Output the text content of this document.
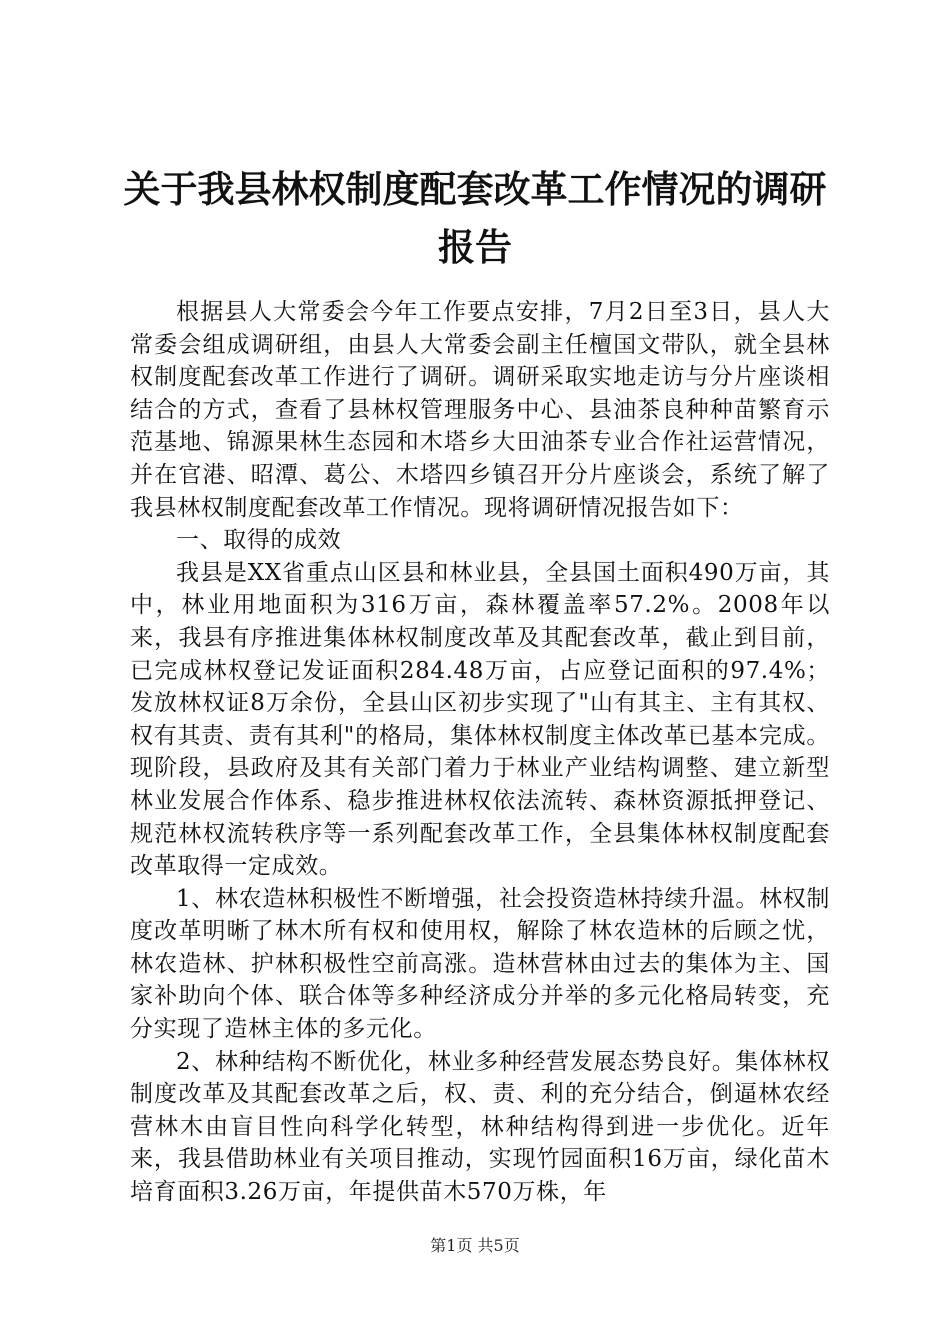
关于我县林权制度配套改革工作情况的调研报告

根据县人大常委会今年工作要点安排，7月2日至3日，县人大常委会组成调研组，由县人大常委会副主任檀国文带队，就全县林权制度配套改革工作进行了调研。调研采取实地走访与分片座谈相结合的方式，查看了县林权管理服务中心、县油茶良种种苗繁育示范基地、锦源果林生态园和木塔乡大田油茶专业合作社运营情况，并在官港、昭潭、葛公、木塔四乡镇召开分片座谈会，系统了解了我县林权制度配套改革工作情况。现将调研情况报告如下：

一、取得的成效

我县是XX省重点山区县和林业县，全县国土面积490万亩，其中，林业用地面积为316万亩，森林覆盖率57.2%。2008年以来，我县有序推进集体林权制度改革及其配套改革，截止到目前，已完成林权登记发证面积284.48万亩，占应登记面积的97.4%；发放林权证8万余份，全县山区初步实现了"山有其主、主有其权、权有其责、责有其利"的格局，集体林权制度主体改革已基本完成。现阶段，县政府及其有关部门着力于林业产业结构调整、建立新型林业发展合作体系、稳步推进林权依法流转、森林资源抵押登记、规范林权流转秩序等一系列配套改革工作，全县集体林权制度配套改革取得一定成效。

1、林农造林积极性不断增强，社会投资造林持续升温。林权制度改革明晰了林木所有权和使用权，解除了林农造林的后顾之忧，林农造林、护林积极性空前高涨。造林营林由过去的集体为主、国家补助向个体、联合体等多种经济成分并举的多元化格局转变，充分实现了造林主体的多元化。

2、林种结构不断优化，林业多种经营发展态势良好。集体林权制度改革及其配套改革之后，权、责、利的充分结合，倒逼林农经营林木由盲目性向科学化转型，林种结构得到进一步优化。近年来，我县借助林业有关项目推动，实现竹园面积16万亩，绿化苗木培育面积3.26万亩，年提供苗木570万株，年

第1页 共5页
